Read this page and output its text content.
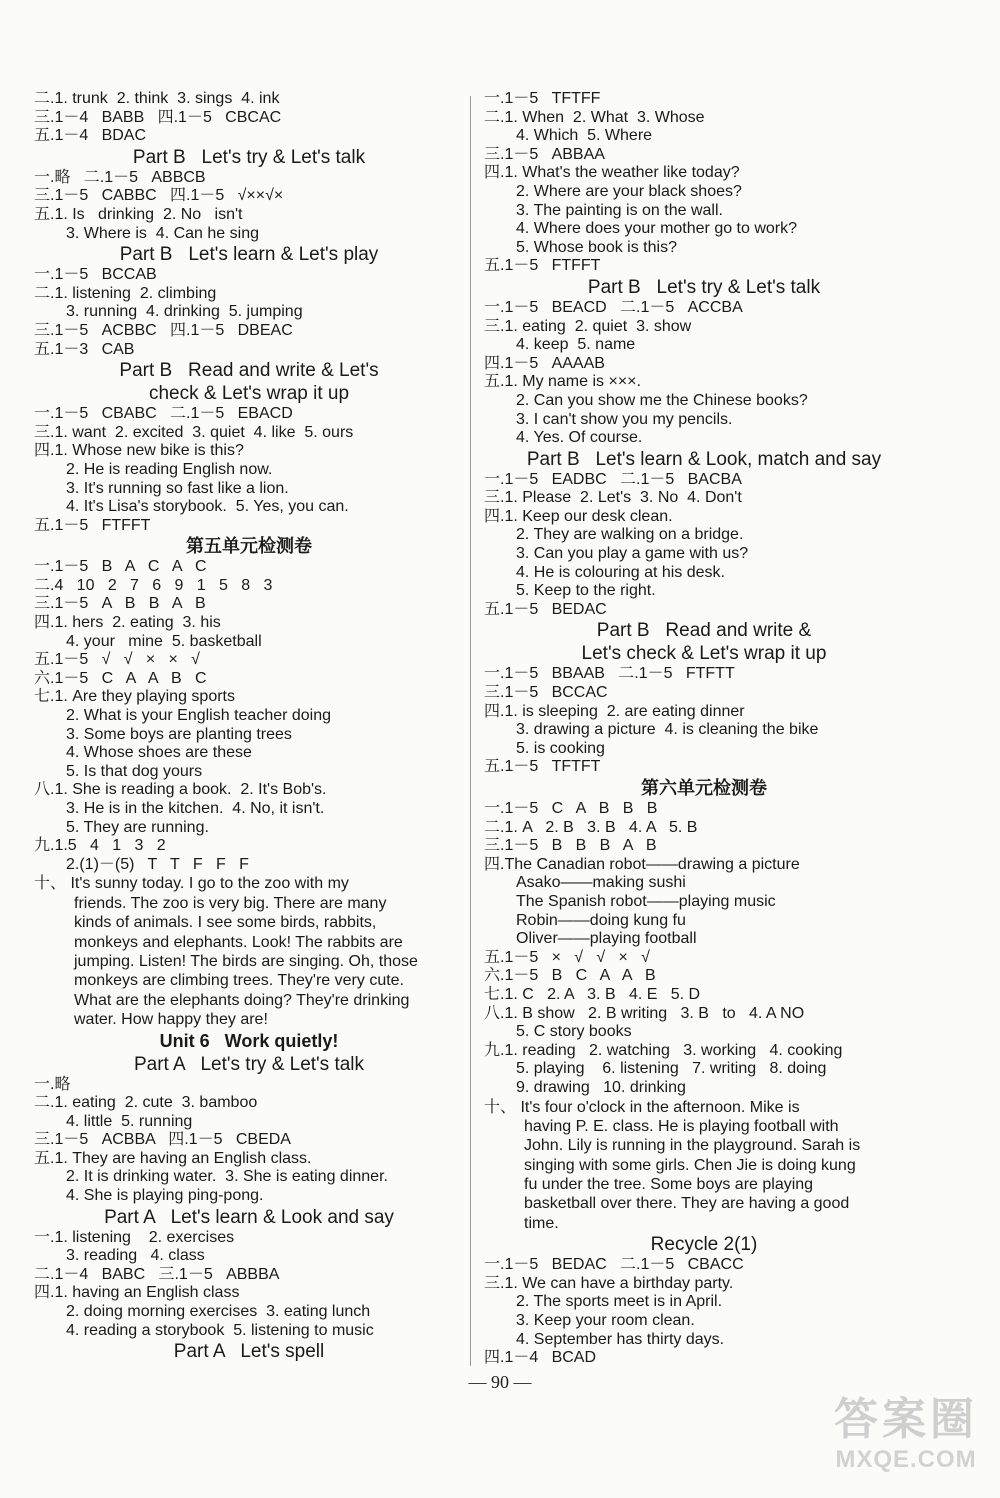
二.1. trunk  2. think  3. sings  4. ink
三.1－4   BABB   四.1－5   CBCAC
五.1－4   BDAC
Part B   Let's try & Let's talk
一.略   二.1－5   ABBCB
三.1－5   CABBC   四.1－5   √××√×
五.1. Is   drinking  2. No   isn't
3. Where is  4. Can he sing
Part B   Let's learn & Let's play
一.1－5   BCCAB
二.1. listening  2. climbing
3. running  4. drinking  5. jumping
三.1－5   ACBBC   四.1－5   DBEAC
五.1－3   CAB
Part B   Read and write & Let's
check & Let's wrap it up
一.1－5   CBABC   二.1－5   EBACD
三.1. want  2. excited  3. quiet  4. like  5. ours
四.1. Whose new bike is this?
2. He is reading English now.
3. It's running so fast like a lion.
4. It's Lisa's storybook.  5. Yes, you can.
五.1－5   FTFFT
第五单元检测卷
一.1－5   B   A   C   A   C
二.4   10   2   7   6   9   1   5   8   3
三.1－5   A   B   B   A   B
四.1. hers  2. eating  3. his
4. your   mine  5. basketball
五.1－5   √   √   ×   ×   √
六.1－5   C   A   A   B   C
七.1. Are they playing sports
2. What is your English teacher doing
3. Some boys are planting trees
4. Whose shoes are these
5. Is that dog yours
八.1. She is reading a book.  2. It's Bob's.
3. He is in the kitchen.  4. No, it isn't.
5. They are running.
九.1.5   4   1   3   2
2.(1)－(5)   T   T   F   F   F
十、 It's sunny today. I go to the zoo with my
friends. The zoo is very big. There are many
kinds of animals. I see some birds, rabbits,
monkeys and elephants. Look! The rabbits are
jumping. Listen! The birds are singing. Oh, those
monkeys are climbing trees. They're very cute.
What are the elephants doing? They're drinking
water. How happy they are!
Unit 6   Work quietly!
Part A   Let's try & Let's talk
一.略
二.1. eating  2. cute  3. bamboo
4. little  5. running
三.1－5   ACBBA   四.1－5   CBEDA
五.1. They are having an English class.
2. It is drinking water.  3. She is eating dinner.
4. She is playing ping-pong.
Part A   Let's learn & Look and say
一.1. listening    2. exercises
3. reading   4. class
二.1－4   BABC   三.1－5   ABBBA
四.1. having an English class
2. doing morning exercises  3. eating lunch
4. reading a storybook  5. listening to music
Part A   Let's spell
一.1－5   TFTFF
二.1. When  2. What  3. Whose
4. Which  5. Where
三.1－5   ABBAA
四.1. What's the weather like today?
2. Where are your black shoes?
3. The painting is on the wall.
4. Where does your mother go to work?
5. Whose book is this?
五.1－5   FTFFT
Part B   Let's try & Let's talk
一.1－5   BEACD   二.1－5   ACCBA
三.1. eating  2. quiet  3. show
4. keep  5. name
四.1－5   AAAAB
五.1. My name is ×××.
2. Can you show me the Chinese books?
3. I can't show you my pencils.
4. Yes. Of course.
Part B   Let's learn & Look, match and say
一.1－5   EADBC   二.1－5   BACBA
三.1. Please  2. Let's  3. No  4. Don't
四.1. Keep our desk clean.
2. They are walking on a bridge.
3. Can you play a game with us?
4. He is colouring at his desk.
5. Keep to the right.
五.1－5   BEDAC
Part B   Read and write &
Let's check & Let's wrap it up
一.1－5   BBAAB   二.1－5   FTFTT
三.1－5   BCCAC
四.1. is sleeping  2. are eating dinner
3. drawing a picture  4. is cleaning the bike
5. is cooking
五.1－5   TFTFT
第六单元检测卷
一.1－5   C   A   B   B   B
二.1. A   2. B   3. B   4. A   5. B
三.1－5   B   B   B   A   B
四.The Canadian robot——drawing a picture
Asako——making sushi
The Spanish robot——playing music
Robin——doing kung fu
Oliver——playing football
五.1－5   ×   √   √   ×   √
六.1－5   B   C   A   A   B
七.1. C   2. A   3. B   4. E   5. D
八.1. B show   2. B writing   3. B   to   4. A NO
5. C story books
九.1. reading   2. watching   3. working   4. cooking
5. playing    6. listening   7. writing   8. doing
9. drawing   10. drinking
十、 It's four o'clock in the afternoon. Mike is
having P. E. class. He is playing football with
John. Lily is running in the playground. Sarah is
singing with some girls. Chen Jie is doing kung
fu under the tree. Some boys are playing
basketball over there. They are having a good
time.
Recycle 2(1)
一.1－5   BEDAC   二.1－5   CBACC
三.1. We can have a birthday party.
2. The sports meet is in April.
3. Keep your room clean.
4. September has thirty days.
四.1－4   BCAD
— 90 —
答案圈
MXQE.COM
